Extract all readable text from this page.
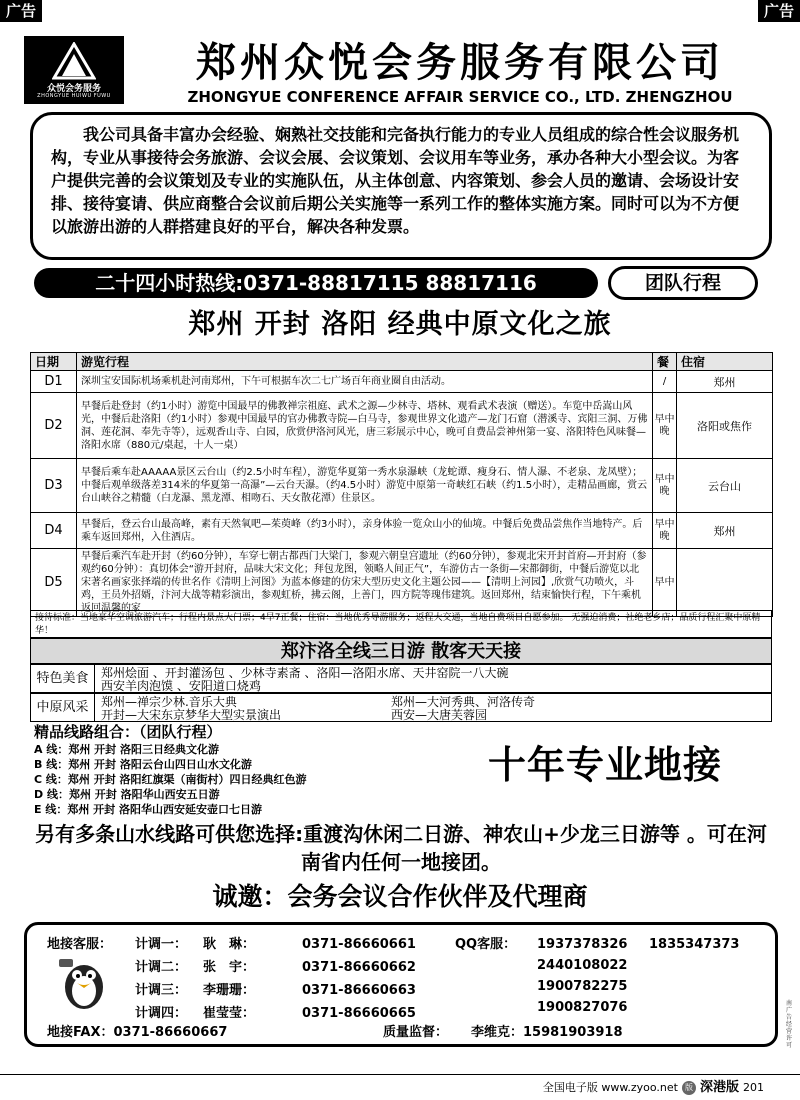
广告	广告
众悦会务服务
ZHONGYUE HUIWU FUWU
郑州众悦会务服务有限公司
ZHONGYUE CONFERENCE AFFAIR SERVICE CO., LTD. ZHENGZHOU
我公司具备丰富办会经验、娴熟社交技能和完备执行能力的专业人员组成的综合性会议服务机构，专业从事接待会务旅游、会议会展、会议策划、会议用车等业务，承办各种大小型会议。为客户提供完善的会议策划及专业的实施队伍，从主体创意、内容策划、参会人员的邀请、会场设计安排、接待宴请、供应商整合会议前后期公关实施等一系列工作的整体实施方案。同时可以为不方便以旅游出游的人群搭建良好的平台，解决各种发票。
二十四小时热线:0371-88817115 88817116	团队行程
郑州 开封 洛阳 经典中原文化之旅
日期	游览行程	餐	住宿
D1	深圳宝安国际机场乘机赴河南郑州，下午可根据车次二七广场百年商业圈自由活动。	/	郑州
D2	早餐后赴登封（约1小时）游览中国最早的佛教禅宗祖庭、武术之源—少林寺、塔林、观看武术表演（赠送）。车览中岳嵩山风光，中餐后赴洛阳（约1小时）参观中国最早的官办佛教寺院—白马寺，参观世界文化遗产—龙门石窟（潜溪寺、宾阳三洞、万佛洞、莲花洞、奉先寺等），远观香山寺、白园，欣赏伊洛河风光，唐三彩展示中心，晚可自费品尝神州第一宴、洛阳特色风味餐—洛阳水席（880元/桌起，十人一桌）	早中晚	洛阳或焦作
D3	早餐后乘车赴AAAAA景区云台山（约2.5小时车程），游览华夏第一秀水泉瀑峡（龙蛇谭、瘦身石、情人瀑、不老泉、龙凤壁）；中餐后观单级落差314米的华夏第一高瀑”—云台天瀑。（约4.5小时）游览中原第一奇峡红石峡（约1.5小时），走精品画廊，赏云台山峡谷之精髓（白龙瀑、黑龙潭、相吻石、天女散花潭）住景区。	早中晚	云台山
D4	早餐后，登云台山最高峰，素有天然氧吧—茱萸峰（约3小时），亲身体验一览众山小的仙境。中餐后免费品尝焦作当地特产。后乘车返回郑州，入住酒店。	早中晚	郑州
D5	早餐后乘汽车赴开封（约60分钟），车穿七朝古都西门大梁门，参观六朝皇宫遗址（约60分钟），参观北宋开封首府—开封府（参观约60分钟）：真切体会“游开封府，品味大宋文化；拜包龙图，领略人间正气”，车游仿古一条街—宋都御街，中餐后游览以北宋著名画家张择端的传世名作《清明上河图》为蓝本修建的仿宋大型历史文化主题公园——【清明上河园】,欣赏气功喷火，斗鸡，王员外招婿，汴河大战等精彩演出，参观虹桥，拂云阁，上善门，四方院等瑰伟建筑。返回郑州，结束愉快行程，下午乘机返回温馨的家	早中	
接待标准：当地豪华空调旅游汽车；行程内景点大门票；4早7正餐；住宿：当地优秀导游服务；返程大交通，当地自费项目自愿参加。 无强迫消费；社绝老乡店；品质行程汇聚中原精华！
郑汴洛全线三日游 散客天天接
特色美食	郑州烩面 、开封灌汤包 、少林寺素斋 、洛阳—洛阳水席、天井窑院一八大碗
西安羊肉泡馍 、安阳道口烧鸡
中原风采	郑州—禅宗少林.音乐大典	郑州—大河秀典、河洛传奇
开封—大宋东京梦华大型实景演出	西安—大唐芙蓉园
精品线路组合：（团队行程）
A 线：郑州 开封 洛阳三日经典文化游
B 线：郑州 开封 洛阳云台山四日山水文化游
C 线：郑州 开封 洛阳红旗渠（南街村）四日经典红色游
D 线：郑州 开封 洛阳华山西安五日游
E 线：郑州 开封 洛阳华山西安延安壶口七日游
十年专业地接
另有多条山水线路可供您选择:重渡沟休闲二日游、神农山+少龙三日游等 。可在河南省内任何一地接团。
诚邀：会务会议合作伙伴及代理商
地接客服： 计调一： 耿　琳：	0371-86660661
计调二： 张　宇：	0371-86660662
计调三： 李珊珊：	0371-86660663
计调四： 崔莹莹：	0371-86660665
QQ客服： 1937378326 1835347373
2440108022
1900782275
1900827076
地接FAX：0371-86660667	质量监督： 李维克：15981903918
南广告经营许可
全国电子版 www.zyoo.net 版 深港版 201
